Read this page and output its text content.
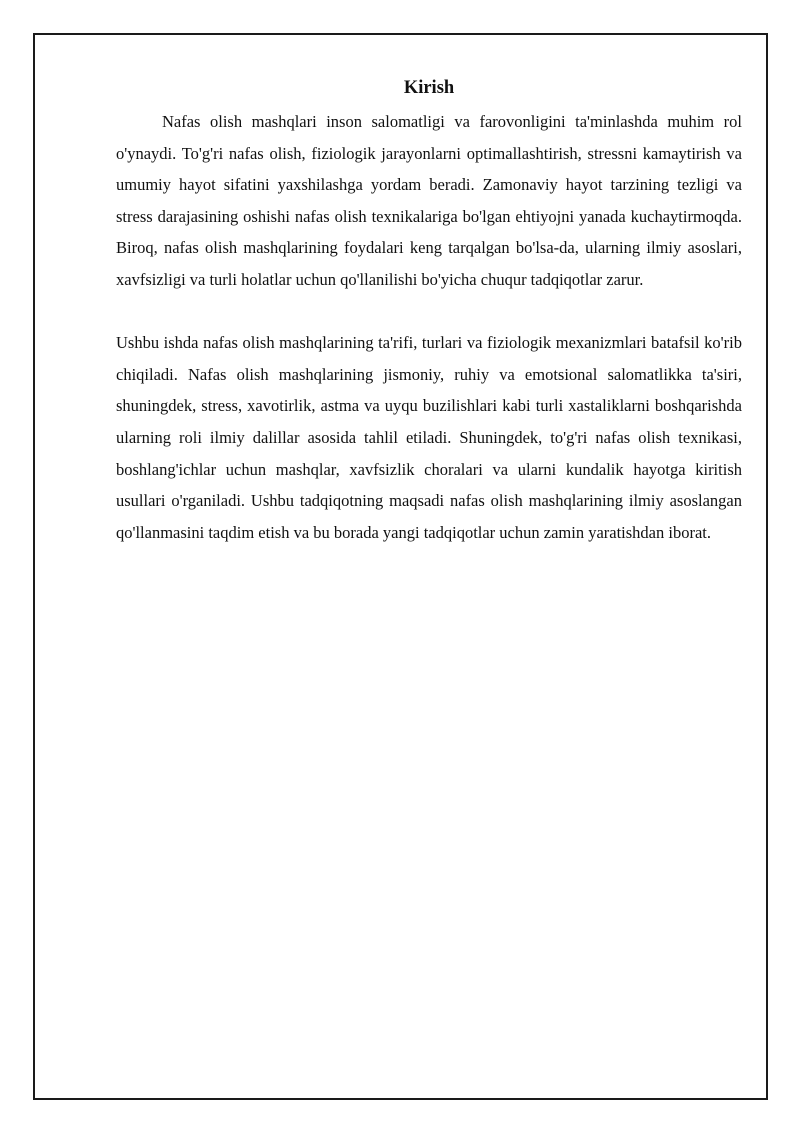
Kirish

Nafas olish mashqlari inson salomatligi va farovonligini ta'minlashda muhim rol o'ynaydi. To'g'ri nafas olish, fiziologik jarayonlarni optimallashtirish, stressni kamaytirish va umumiy hayot sifatini yaxshilashga yordam beradi. Zamonaviy hayot tarzining tezligi va stress darajasining oshishi nafas olish texnikalariga bo'lgan ehtiyojni yanada kuchaytirmoqda. Biroq, nafas olish mashqlarining foydalari keng tarqalgan bo'lsa-da, ularning ilmiy asoslari, xavfsizligi va turli holatlar uchun qo'llanilishi bo'yicha chuqur tadqiqotlar zarur.

Ushbu ishda nafas olish mashqlarining ta'rifi, turlari va fiziologik mexanizmlari batafsil ko'rib chiqiladi. Nafas olish mashqlarining jismoniy, ruhiy va emotsional salomatlikka ta'siri, shuningdek, stress, xavotirlik, astma va uyqu buzilishlari kabi turli xastaliklarni boshqarishda ularning roli ilmiy dalillar asosida tahlil etiladi. Shuningdek, to'g'ri nafas olish texnikasi, boshlang'ichlar uchun mashqlar, xavfsizlik choralari va ularni kundalik hayotga kiritish usullari o'rganiladi. Ushbu tadqiqotning maqsadi nafas olish mashqlarining ilmiy asoslangan qo'llanmasini taqdim etish va bu borada yangi tadqiqotlar uchun zamin yaratishdan iborat.
